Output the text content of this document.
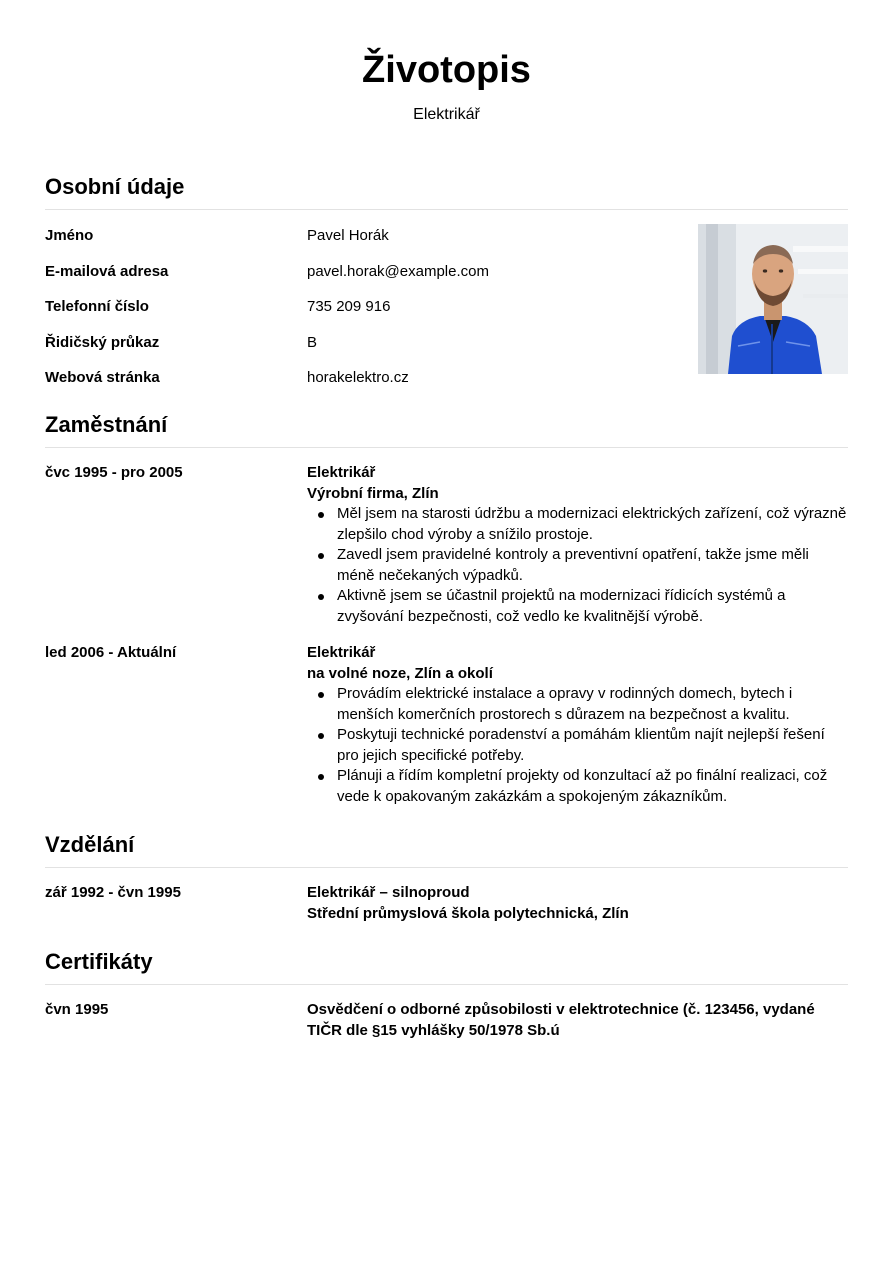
Životopis
Elektrikář
Osobní údaje
Jméno	Pavel Horák
E-mailová adresa	pavel.horak@example.com
Telefonní číslo	735 209 916
Řidičský průkaz	B
Webová stránka	horakelektro.cz
Zaměstnání
čvc 1995 - pro 2005	Elektrikář
Výrobní firma, Zlín
Měl jsem na starosti údržbu a modernizaci elektrických zařízení, což výrazně zlepšilo chod výroby a snížilo prostoje.
Zavedl jsem pravidelné kontroly a preventivní opatření, takže jsme měli méně nečekaných výpadků.
Aktivně jsem se účastnil projektů na modernizaci řídicích systémů a zvyšování bezpečnosti, což vedlo ke kvalitnější výrobě.
led 2006 - Aktuální	Elektrikář
na volné noze, Zlín a okolí
Provádím elektrické instalace a opravy v rodinných domech, bytech i menších komerčních prostorech s důrazem na bezpečnost a kvalitu.
Poskytuji technické poradenství a pomáhám klientům najít nejlepší řešení pro jejich specifické potřeby.
Plánuji a řídím kompletní projekty od konzultací až po finální realizaci, což vede k opakovaným zakázkám a spokojeným zákazníkům.
Vzdělání
zář 1992 - čvn 1995	Elektrikář – silnoproud
Střední průmyslová škola polytechnická, Zlín
Certifikáty
čvn 1995	Osvědčení o odborné způsobilosti v elektrotechnice (č. 123456, vydané TIČR dle §15 vyhlášky 50/1978 Sb.ú
